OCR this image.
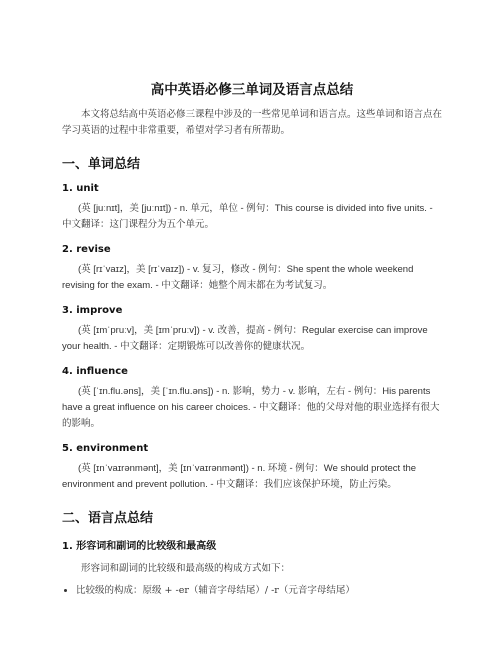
高中英语必修三单词及语言点总结

本文将总结高中英语必修三课程中涉及的一些常见单词和语言点。这些单词和语言点在学习英语的过程中非常重要，希望对学习者有所帮助。

一、单词总结
1. unit

(英 [juːnɪt]，美 [juːnɪt]) - n. 单元，单位 - 例句：This course is divided into five units. - 中文翻译：这门课程分为五个单元。

2. revise

(英 [rɪˈvaɪz]，美 [rɪˈvaɪz]) - v. 复习，修改 - 例句：She spent the whole weekend revising for the exam. - 中文翻译：她整个周末都在为考试复习。

3. improve

(英 [ɪmˈpruːv]，美 [ɪmˈpruːv]) - v. 改善，提高 - 例句：Regular exercise can improve your health. - 中文翻译：定期锻炼可以改善你的健康状况。

4. influence

(英 [ˈɪn.flu.əns]，美 [ˈɪn.flu.əns]) - n. 影响，势力 - v. 影响，左右 - 例句：His parents have a great influence on his career choices. - 中文翻译：他的父母对他的职业选择有很大的影响。

5. environment

(英 [ɪnˈvaɪrənmənt]，美 [ɪnˈvaɪrənmənt]) - n. 环境 - 例句：We should protect the environment and prevent pollution. - 中文翻译：我们应该保护环境，防止污染。

二、语言点总结
1. 形容词和副词的比较级和最高级

形容词和副词的比较级和最高级的构成方式如下：

• 比较级的构成：原级 + -er（辅音字母结尾）/ -r（元音字母结尾）
